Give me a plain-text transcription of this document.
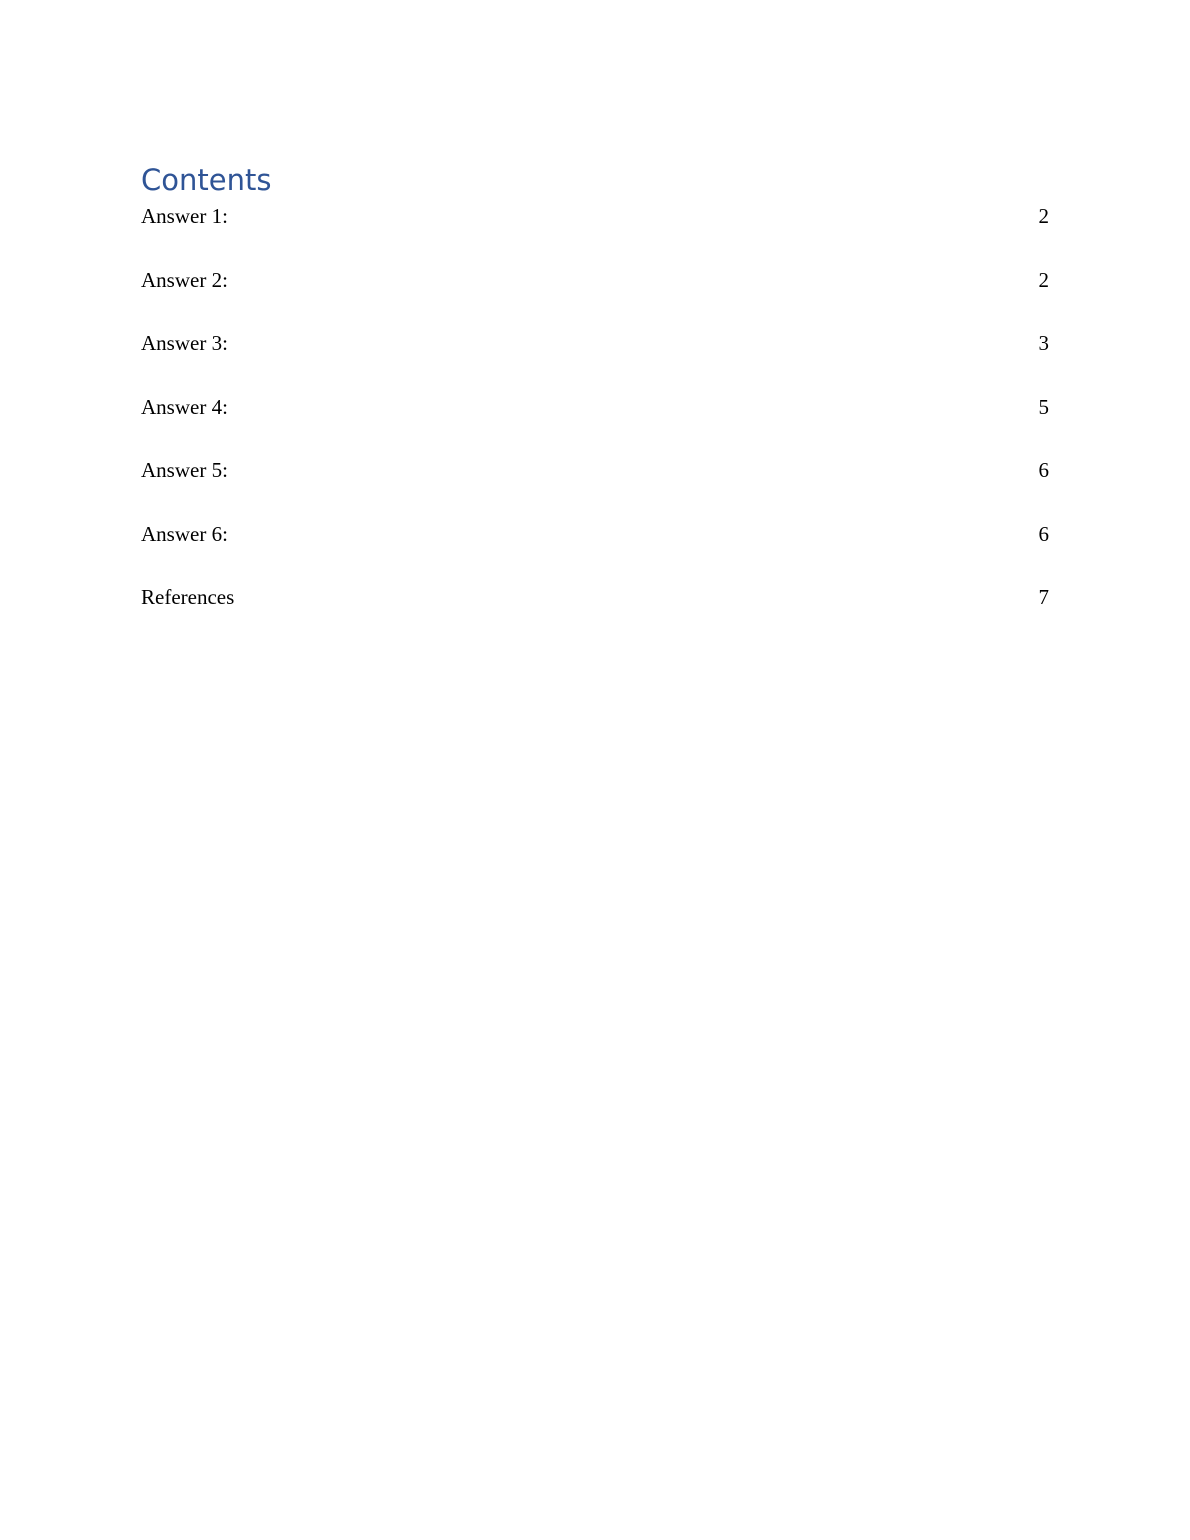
Contents
Answer 1:	2
Answer 2:	2
Answer 3:	3
Answer 4:	5
Answer 5:	6
Answer 6:	6
References	7
